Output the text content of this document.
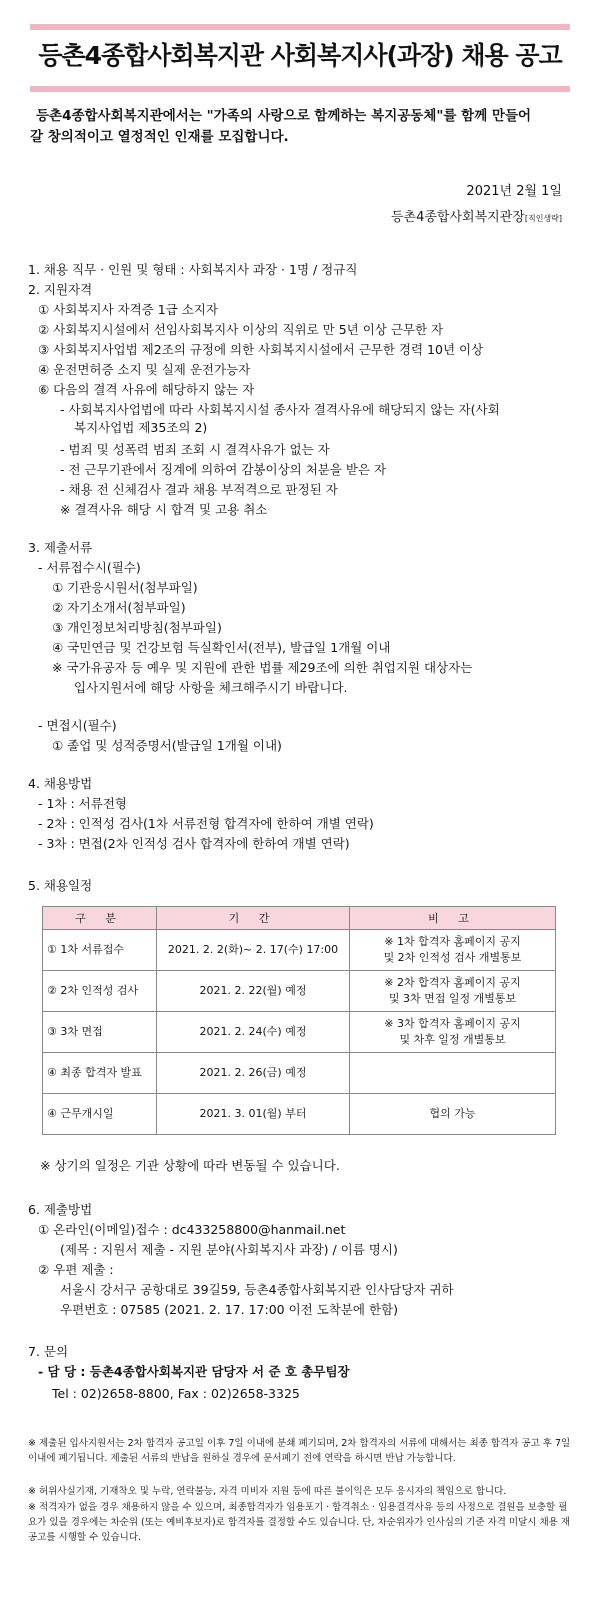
등촌4종합사회복지관 사회복지사(과장) 채용 공고
등촌4종합사회복지관에서는 "가족의 사랑으로 함께하는 복지공동체"를 함께 만들어
갈 창의적이고 열정적인 인재를 모집합니다.
2021년 2월 1일
등촌4종합사회복지관장[직인생략]
1. 채용 직무 · 인원 및 형태 : 사회복지사 과장 · 1명 / 정규직
2. 지원자격
① 사회복지사 자격증 1급 소지자
② 사회복지시설에서 선임사회복지사 이상의 직위로 만 5년 이상 근무한 자
③ 사회복지사업법 제2조의 규정에 의한 사회복지시설에서 근무한 경력 10년 이상
④ 운전면허증 소지 및 실제 운전가능자
⑥ 다음의 결격 사유에 해당하지 않는 자
- 사회복지사업법에 따라 사회복지시설 종사자 결격사유에 해당되지 않는 자(사회
복지사업법 제35조의 2)
- 범죄 및 성폭력 범죄 조회 시 결격사유가 없는 자
- 전 근무기관에서 징계에 의하여 감봉이상의 처분을 받은 자
- 채용 전 신체검사 결과 채용 부적격으로 판정된 자
※ 결격사유 해당 시 합격 및 고용 취소
3. 제출서류
- 서류접수시(필수)
① 기관응시원서(첨부파일)
② 자기소개서(첨부파일)
③ 개인정보처리방침(첨부파일)
④ 국민연금 및 건강보험 득실확인서(전부), 발급일 1개월 이내
※ 국가유공자 등 예우 및 지원에 관한 법률 제29조에 의한 취업지원 대상자는
입사지원서에 해당 사항을 체크해주시기 바랍니다.
- 면접시(필수)
① 졸업 및 성적증명서(발급일 1개월 이내)
4. 채용방법
- 1차 : 서류전형
- 2차 : 인적성 검사(1차 서류전형 합격자에 한하여 개별 연락)
- 3차 : 면접(2차 인적성 검사 합격자에 한하여 개별 연락)
5. 채용일정
구 분	기 간	비 고
① 1차 서류접수	2021. 2. 2(화)~ 2. 17(수) 17:00	※ 1차 합격자 홈페이지 공지
및 2차 인적성 검사 개별통보

② 2차 인적성 검사	2021. 2. 22(월) 예정	※ 2차 합격자 홈페이지 공지
및 3차 면접 일정 개별통보

③ 3차 면접	2021. 2. 24(수) 예정	※ 3차 합격자 홈페이지 공지
및 차후 일정 개별통보

④ 최종 합격자 발표	2021. 2. 26(금) 예정	

④ 근무개시일	2021. 3. 01(월) 부터	협의 가능
※ 상기의 일정은 기관 상황에 따라 변동될 수 있습니다.
6. 제출방법
① 온라인(이메일)접수 : dc433258800@hanmail.net
(제목 : 지원서 제출 - 지원 분야(사회복지사 과장) / 이름 명시)
② 우편 제출 :
서울시 강서구 공항대로 39길59, 등촌4종합사회복지관 인사담당자 귀하
우편번호 : 07585 (2021. 2. 17. 17:00 이전 도착분에 한함)
7. 문의
- 담 당 : 등촌4종합사회복지관 담당자 서 준 호 총무팀장
Tel : 02)2658-8800, Fax : 02)2658-3325
※ 제출된 입사지원서는 2차 합격자 공고일 이후 7일 이내에 분쇄 폐기되며, 2차 합격자의 서류에 대해서는 최종 합격자 공고 후 7일 이내에 폐기됩니다. 제출된 서류의 반납을 원하실 경우에 문서폐기 전에 연락을 하시면 반납 가능합니다.
※ 허위사실기재, 기재착오 및 누락, 연락불능, 자격 미비자 지원 등에 따른 불이익은 모두 응시자의 책임으로 합니다.
※ 적격자가 없을 경우 채용하지 않을 수 있으며, 최종합격자가 임용포기 · 합격취소 · 임용결격사유 등의 사정으로 결원을 보충할 필요가 있을 경우에는 차순위 (또는 예비후보자)로 합격자를 결정할 수도 있습니다. 단, 차순위자가 인사심의 기준 자격 미달시 채용 재공고를 시행할 수 있습니다.
